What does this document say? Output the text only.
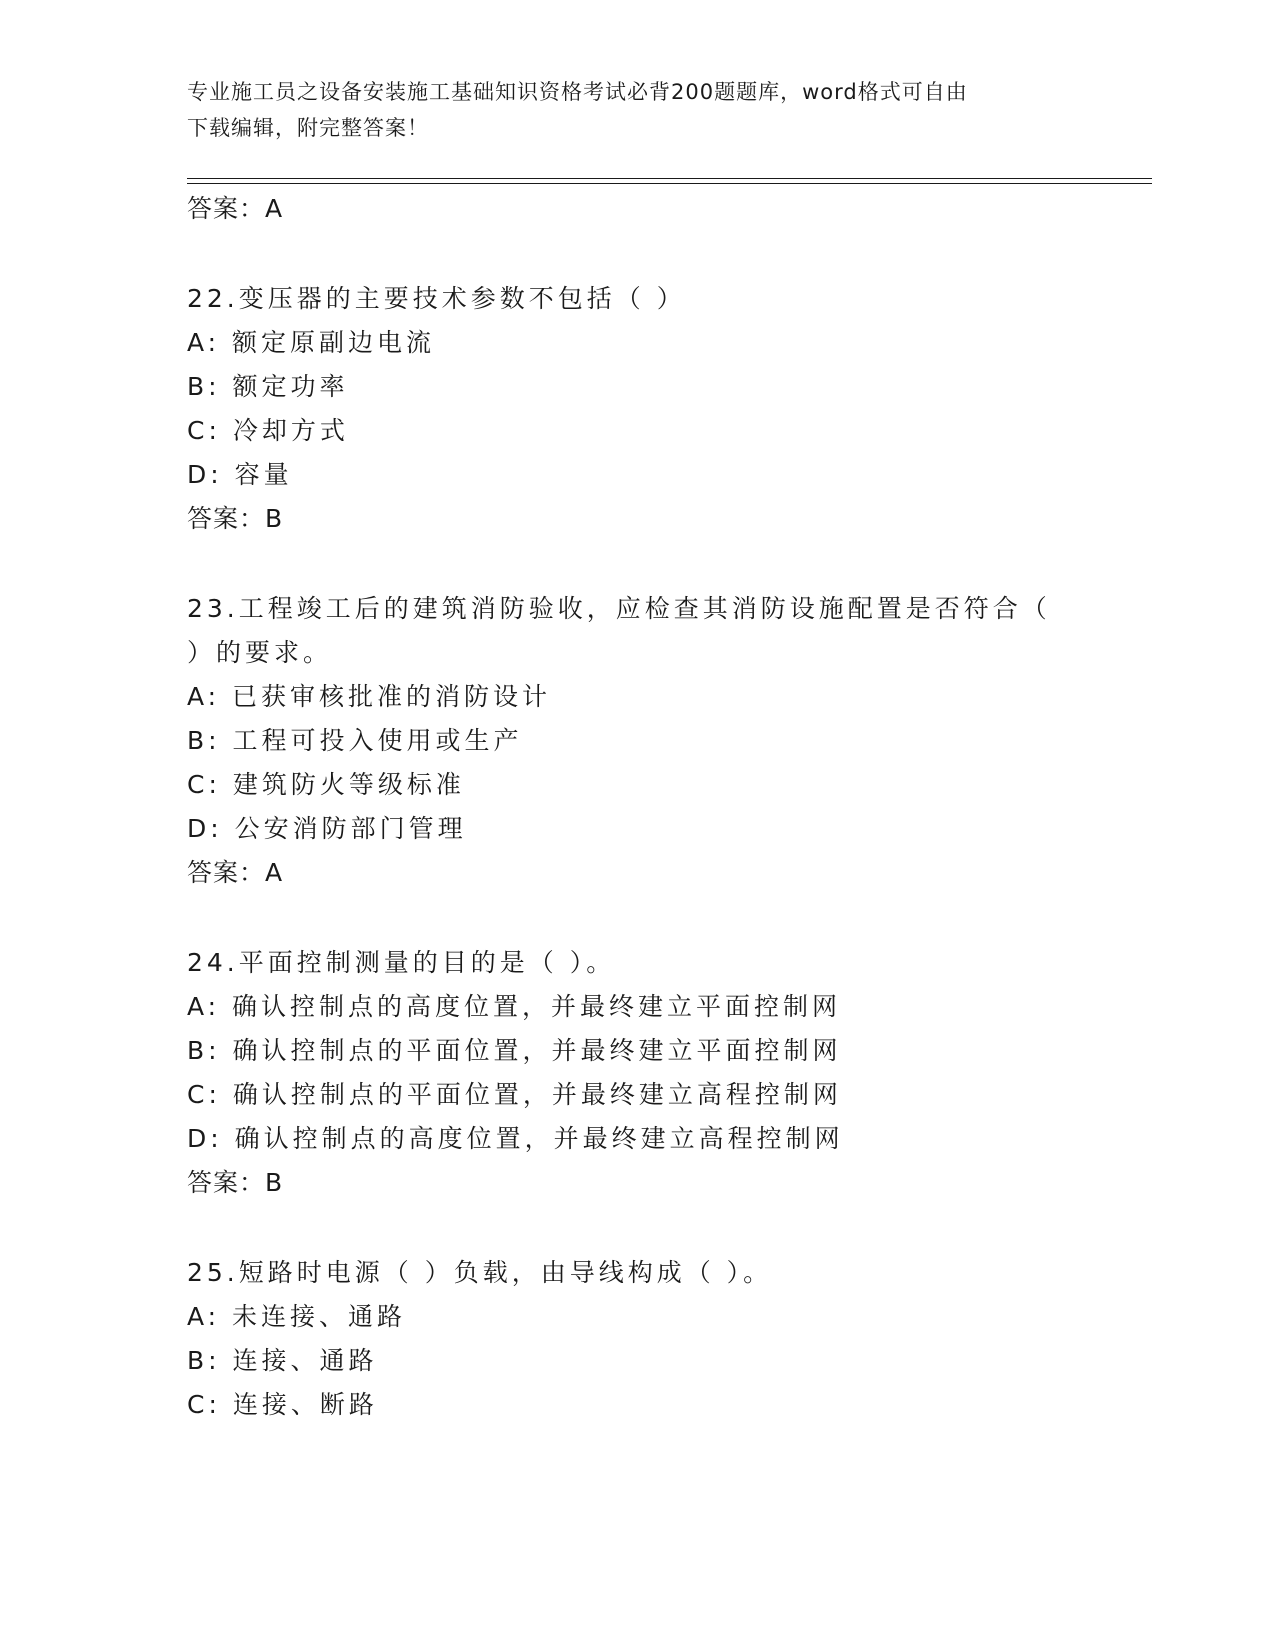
专业施工员之设备安装施工基础知识资格考试必背200题题库，word格式可自由
下载编辑，附完整答案！
答案：A
22.变压器的主要技术参数不包括（ ）
A: 额定原副边电流
B: 额定功率
C: 冷却方式
D: 容量
答案：B
23.工程竣工后的建筑消防验收，应检查其消防设施配置是否符合（
）的要求。
A: 已获审核批准的消防设计
B: 工程可投入使用或生产
C: 建筑防火等级标准
D: 公安消防部门管理
答案：A
24.平面控制测量的目的是（ ）。
A: 确认控制点的高度位置，并最终建立平面控制网
B: 确认控制点的平面位置，并最终建立平面控制网
C: 确认控制点的平面位置，并最终建立高程控制网
D: 确认控制点的高度位置，并最终建立高程控制网
答案：B
25.短路时电源（ ）负载，由导线构成（ ）。
A: 未连接、通路
B: 连接、通路
C: 连接、断路
